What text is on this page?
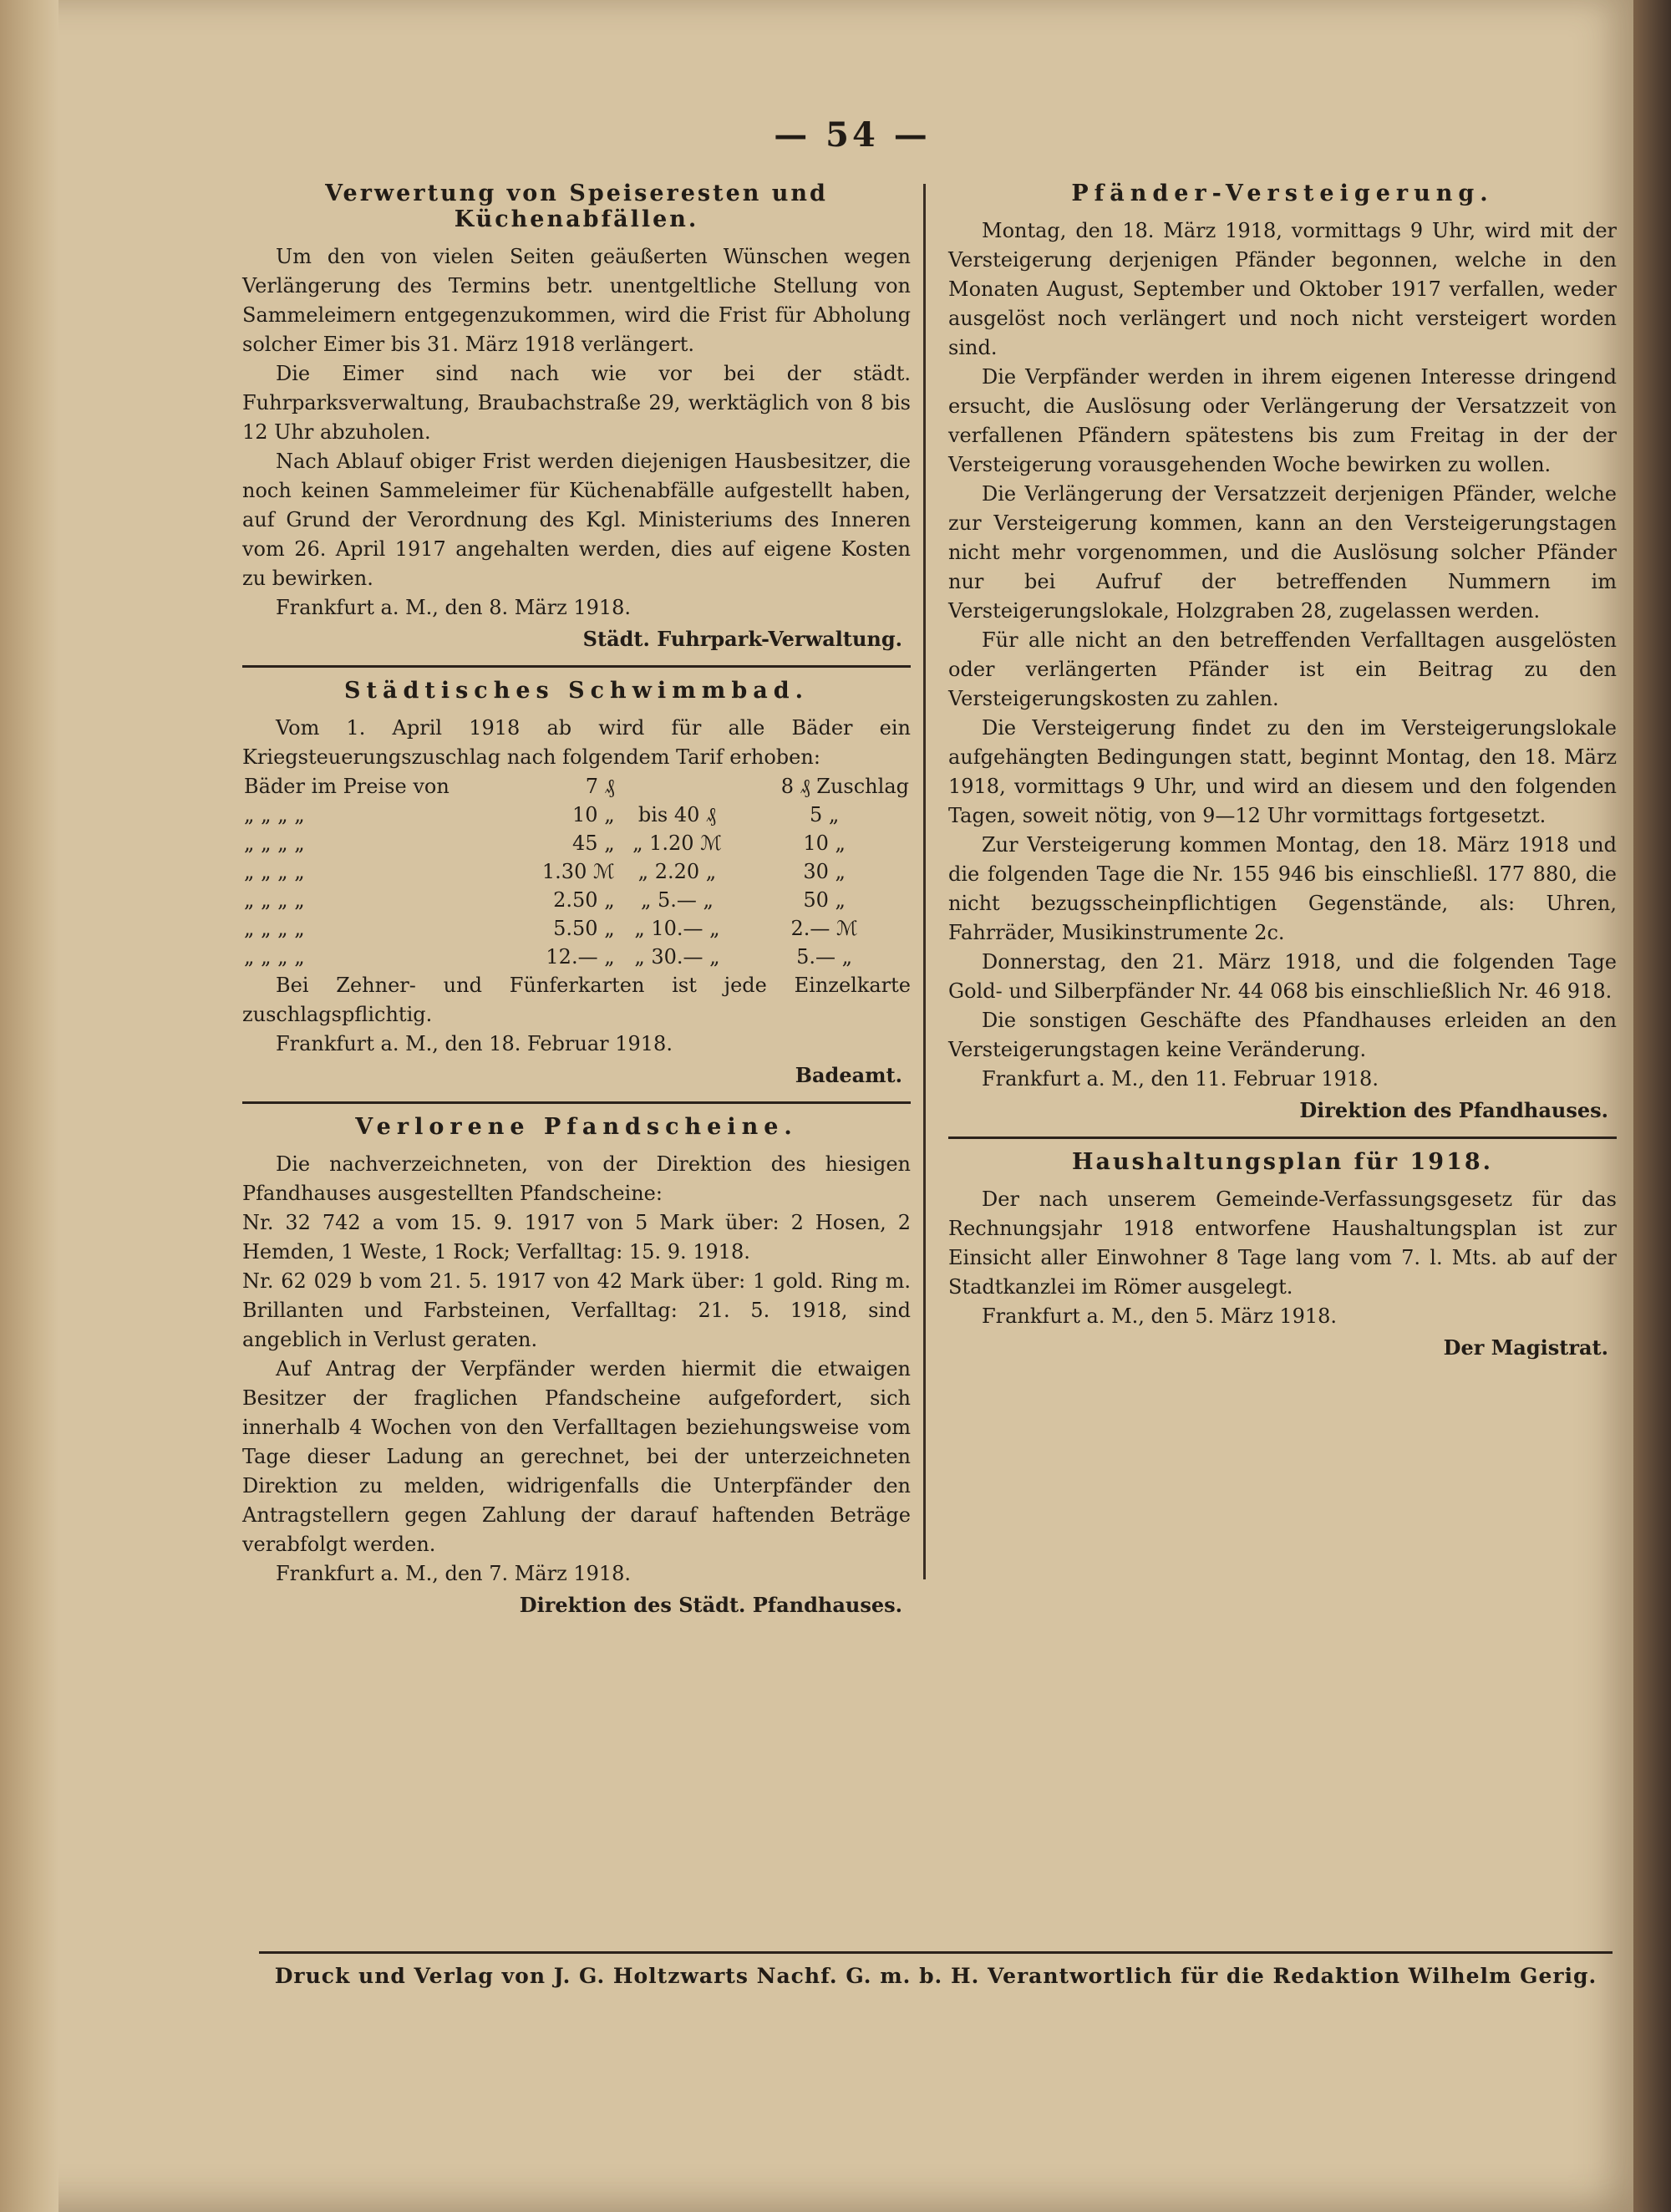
— 54 —
Verwertung von Speiseresten und Küchenabfällen.

Um den von vielen Seiten geäußerten Wünschen wegen Verlängerung des Termins betr. unentgeltliche Stellung von Sammeleimern entgegenzukommen, wird die Frist für Abholung solcher Eimer bis 31. März 1918 verlängert.

Die Eimer sind nach wie vor bei der städt. Fuhrparksverwaltung, Braubachstraße 29, werktäglich von 8 bis 12 Uhr abzuholen.

Nach Ablauf obiger Frist werden diejenigen Hausbesitzer, die noch keinen Sammeleimer für Küchenabfälle aufgestellt haben, auf Grund der Verordnung des Kgl. Ministeriums des Inneren vom 26. April 1917 angehalten werden, dies auf eigene Kosten zu bewirken.

Frankfurt a. M., den 8. März 1918.
Städt. Fuhrpark-Verwaltung.
Städtisches Schwimmbad.

Vom 1. April 1918 ab wird für alle Bäder ein Kriegsteuerungszuschlag nach folgendem Tarif erhoben:

Bäder im Preise von	7 ₰		8 ₰ Zuschlag
„ „ „ „	10 „	bis 40 ₰	5 „
„ „ „ „	45 „	„ 1.20 ℳ	10 „
„ „ „ „	1.30 ℳ	„ 2.20 „	30 „
„ „ „ „	2.50 „	„ 5.— „	50 „
„ „ „ „	5.50 „	„ 10.— „	2.— ℳ
„ „ „ „	12.— „	„ 30.— „	5.— „

Bei Zehner- und Fünferkarten ist jede Einzelkarte zuschlagspflichtig.

Frankfurt a. M., den 18. Februar 1918.
Badeamt.
Verlorene Pfandscheine.

Die nachverzeichneten, von der Direktion des hiesigen Pfandhauses ausgestellten Pfandscheine:

Nr. 32 742 a vom 15. 9. 1917 von 5 Mark über: 2 Hosen, 2 Hemden, 1 Weste, 1 Rock; Verfalltag: 15. 9. 1918.
Nr. 62 029 b vom 21. 5. 1917 von 42 Mark über: 1 gold. Ring m. Brillanten und Farbsteinen, Verfalltag: 21. 5. 1918, sind angeblich in Verlust geraten.

Auf Antrag der Verpfänder werden hiermit die etwaigen Besitzer der fraglichen Pfandscheine aufgefordert, sich innerhalb 4 Wochen von den Verfalltagen beziehungsweise vom Tage dieser Ladung an gerechnet, bei der unterzeichneten Direktion zu melden, widrigenfalls die Unterpfänder den Antragstellern gegen Zahlung der darauf haftenden Beträge verabfolgt werden.

Frankfurt a. M., den 7. März 1918.
Direktion des Städt. Pfandhauses.
Pfänder-Versteigerung.

Montag, den 18. März 1918, vormittags 9 Uhr, wird mit der Versteigerung derjenigen Pfänder begonnen, welche in den Monaten August, September und Oktober 1917 verfallen, weder ausgelöst noch verlängert und noch nicht versteigert worden sind.

Die Verpfänder werden in ihrem eigenen Interesse dringend ersucht, die Auslösung oder Verlängerung der Versatzzeit von verfallenen Pfändern spätestens bis zum Freitag in der der Versteigerung vorausgehenden Woche bewirken zu wollen.

Die Verlängerung der Versatzzeit derjenigen Pfänder, welche zur Versteigerung kommen, kann an den Versteigerungstagen nicht mehr vorgenommen, und die Auslösung solcher Pfänder nur bei Aufruf der betreffenden Nummern im Versteigerungslokale, Holzgraben 28, zugelassen werden.

Für alle nicht an den betreffenden Verfalltagen ausgelösten oder verlängerten Pfänder ist ein Beitrag zu den Versteigerungskosten zu zahlen.

Die Versteigerung findet zu den im Versteigerungslokale aufgehängten Bedingungen statt, beginnt Montag, den 18. März 1918, vormittags 9 Uhr, und wird an diesem und den folgenden Tagen, soweit nötig, von 9—12 Uhr vormittags fortgesetzt.

Zur Versteigerung kommen Montag, den 18. März 1918 und die folgenden Tage die Nr. 155 946 bis einschließl. 177 880, die nicht bezugsscheinpflichtigen Gegenstände, als: Uhren, Fahrräder, Musikinstrumente 2c.

Donnerstag, den 21. März 1918, und die folgenden Tage Gold- und Silberpfänder Nr. 44 068 bis einschließlich Nr. 46 918.

Die sonstigen Geschäfte des Pfandhauses erleiden an den Versteigerungstagen keine Veränderung.

Frankfurt a. M., den 11. Februar 1918.
Direktion des Pfandhauses.
Haushaltungsplan für 1918.

Der nach unserem Gemeinde-Verfassungsgesetz für das Rechnungsjahr 1918 entworfene Haushaltungsplan ist zur Einsicht aller Einwohner 8 Tage lang vom 7. l. Mts. ab auf der Stadtkanzlei im Römer ausgelegt.

Frankfurt a. M., den 5. März 1918.
Der Magistrat.
Druck und Verlag von J. G. Holtzwarts Nachf. G. m. b. H. Verantwortlich für die Redaktion Wilhelm Gerig.
